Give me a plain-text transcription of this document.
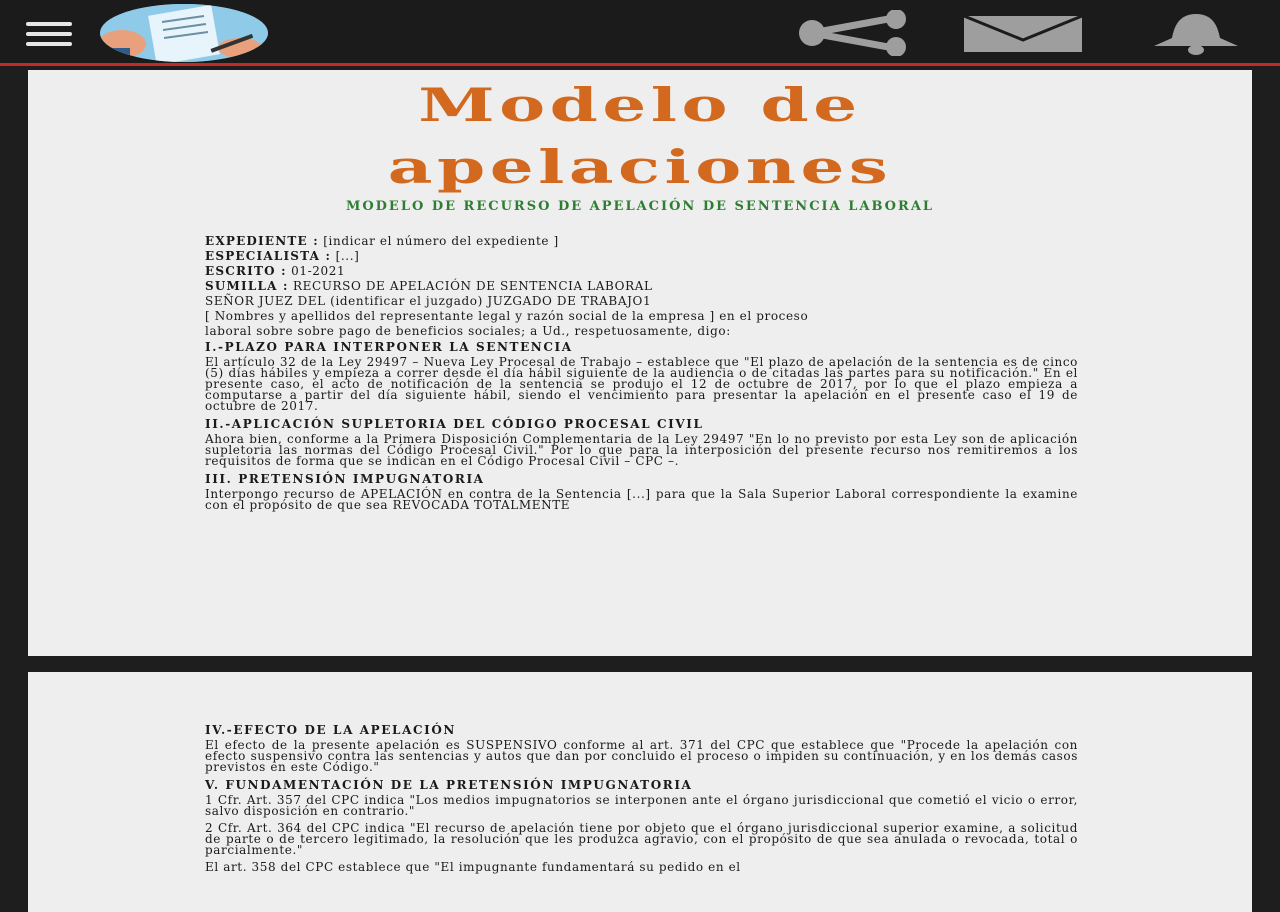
Modelo de
apelaciones
MODELO DE RECURSO DE APELACIÓN DE SENTENCIA LABORAL

EXPEDIENTE : [indicar el número del expediente ]

ESPECIALISTA : [...]

ESCRITO : 01-2021

SUMILLA : RECURSO DE APELACIÓN DE SENTENCIA LABORAL

SEÑOR JUEZ DEL (identificar el juzgado) JUZGADO DE TRABAJO1

[ Nombres y apellidos del representante legal y razón social de la empresa ] en el proceso

laboral sobre sobre pago de beneficios sociales; a Ud., respetuosamente, digo:

I.-PLAZO PARA INTERPONER LA SENTENCIA

El artículo 32 de la Ley 29497 – Nueva Ley Procesal de Trabajo – establece que "El plazo de apelación de la sentencia es de cinco (5) días hábiles y empieza a correr desde el día hábil siguiente de la audiencia o de citadas las partes para su notificación." En el presente caso, el acto de notificación de la sentencia se produjo el 12 de octubre de 2017, por lo que el plazo empieza a computarse a partir del día siguiente hábil, siendo el vencimiento para presentar la apelación en el presente caso el 19 de octubre de 2017.

II.-APLICACIÓN SUPLETORIA DEL CÓDIGO PROCESAL CIVIL

Ahora bien, conforme a la Primera Disposición Complementaria de la Ley 29497 "En lo no previsto por esta Ley son de aplicación supletoria las normas del Código Procesal Civil." Por lo que para la interposición del presente recurso nos remitiremos a los requisitos de forma que se indican en el Código Procesal Civil – CPC –.

III. PRETENSIÓN IMPUGNATORIA

Interpongo recurso de APELACIÓN en contra de la Sentencia [...] para que la Sala Superior Laboral correspondiente la examine con el propósito de que sea REVOCADA TOTALMENTE

IV.-EFECTO DE LA APELACIÓN

El efecto de la presente apelación es SUSPENSIVO conforme al art. 371 del CPC que establece que "Procede la apelación con efecto suspensivo contra las sentencias y autos que dan por concluido el proceso o impiden su continuación, y en los demás casos previstos en este Código."

V. FUNDAMENTACIÓN DE LA PRETENSIÓN IMPUGNATORIA

1 Cfr. Art. 357 del CPC indica "Los medios impugnatorios se interponen ante el órgano jurisdiccional que cometió el vicio o error, salvo disposición en contrario."

2 Cfr. Art. 364 del CPC indica "El recurso de apelación tiene por objeto que el órgano jurisdiccional superior examine, a solicitud de parte o de tercero legitimado, la resolución que les produzca agravio, con el propósito de que sea anulada o revocada, total o parcialmente."

El art. 358 del CPC establece que "El impugnante fundamentará su pedido en el
